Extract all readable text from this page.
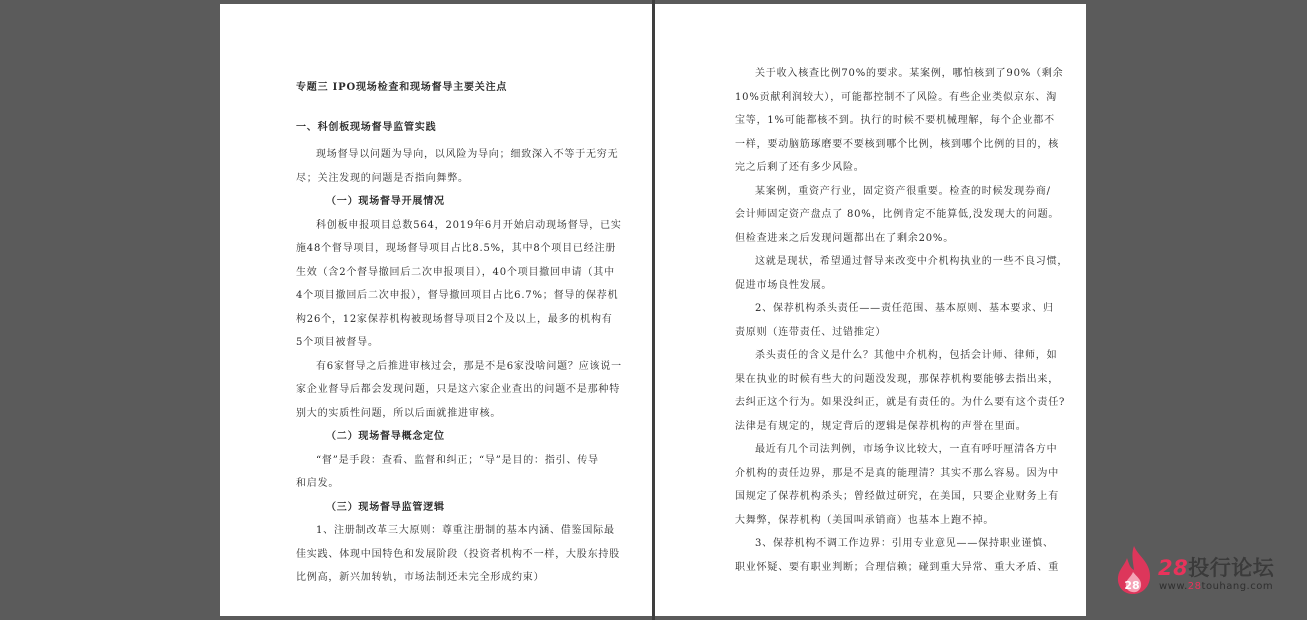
专题三 IPO现场检查和现场督导主要关注点
一、科创板现场督导监管实践
现场督导以问题为导向，以风险为导向；细致深入不等于无穷无
尽；关注发现的问题是否指向舞弊。
（一）现场督导开展情况
科创板申报项目总数564，2019年6月开始启动现场督导，已实
施48个督导项目，现场督导项目占比8.5%，其中8个项目已经注册
生效（含2个督导撤回后二次申报项目），40个项目撤回申请（其中
4个项目撤回后二次申报），督导撤回项目占比6.7%；督导的保荐机
构26个，12家保荐机构被现场督导项目2个及以上，最多的机构有
5个项目被督导。
有6家督导之后推进审核过会，那是不是6家没啥问题？应该说一
家企业督导后都会发现问题，只是这六家企业查出的问题不是那种特
别大的实质性问题，所以后面就推进审核。
（二）现场督导概念定位
“督”是手段：查看、监督和纠正；“导”是目的：指引、传导
和启发。
（三）现场督导监管逻辑
1、注册制改革三大原则：尊重注册制的基本内涵、借鉴国际最
佳实践、体现中国特色和发展阶段（投资者机构不一样，大股东持股
比例高，新兴加转轨，市场法制还未完全形成约束）
关于收入核查比例70%的要求。某案例，哪怕核到了90%（剩余
10%贡献利润较大），可能都控制不了风险。有些企业类似京东、淘
宝等，1%可能都核不到。执行的时候不要机械理解，每个企业都不
一样，要动脑筋琢磨要不要核到哪个比例，核到哪个比例的目的，核
完之后剩了还有多少风险。
某案例，重资产行业，固定资产很重要。检查的时候发现券商/
会计师固定资产盘点了 80%，比例肯定不能算低,没发现大的问题。
但检查进来之后发现问题都出在了剩余20%。
这就是现状，希望通过督导来改变中介机构执业的一些不良习惯，
促进市场良性发展。
2、保荐机构杀头责任——责任范围、基本原则、基本要求、归
责原则（连带责任、过错推定）
杀头责任的含义是什么？其他中介机构，包括会计师、律师，如
果在执业的时候有些大的问题没发现，那保荐机构要能够去指出来，
去纠正这个行为。如果没纠正，就是有责任的。为什么要有这个责任?
法律是有规定的，规定背后的逻辑是保荐机构的声誉在里面。
最近有几个司法判例，市场争议比较大，一直有呼吁厘清各方中
介机构的责任边界，那是不是真的能理清？其实不那么容易。因为中
国规定了保荐机构杀头；曾经做过研究，在美国，只要企业财务上有
大舞弊，保荐机构（美国叫承销商）也基本上跑不掉。
3、保荐机构不调工作边界：引用专业意见——保持职业谨慎、
职业怀疑、要有职业判断；合理信赖；碰到重大异常、重大矛盾、重
28
28投行论坛
www.28touhang.com
